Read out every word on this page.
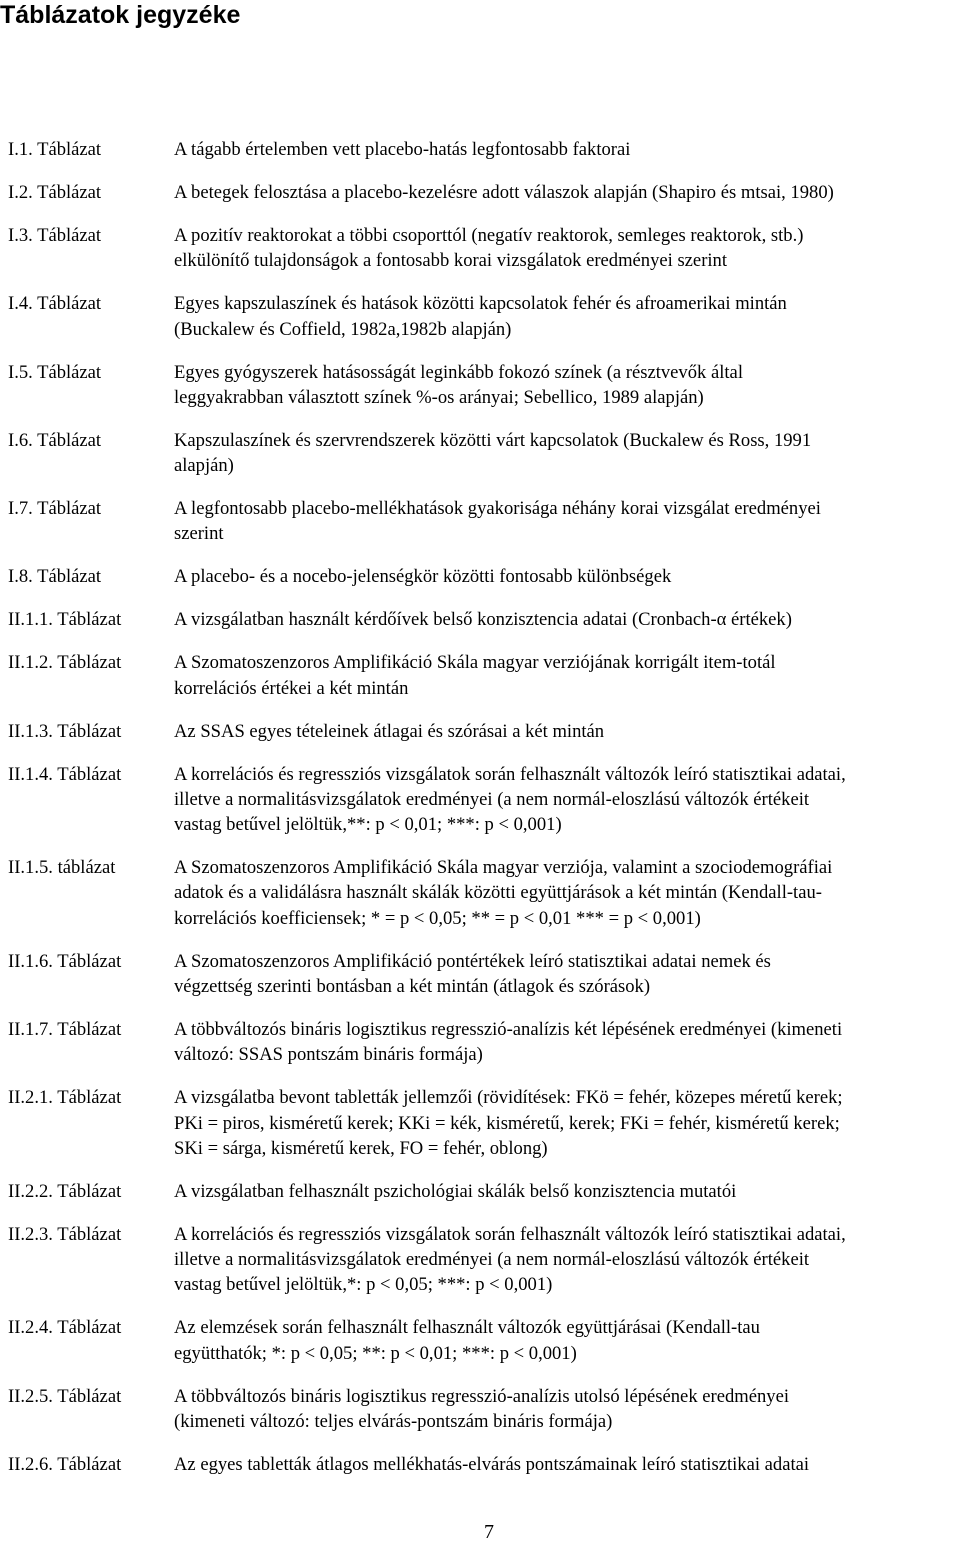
Táblázatok jegyzéke
I.1. Táblázat	A tágabb értelemben vett placebo-hatás legfontosabb faktorai
I.2. Táblázat	A betegek felosztása a placebo-kezelésre adott válaszok alapján (Shapiro és mtsai, 1980)
I.3. Táblázat	A pozitív reaktorokat a többi csoporttól (negatív reaktorok, semleges reaktorok, stb.)
elkülönítő tulajdonságok a fontosabb korai vizsgálatok eredményei szerint
I.4. Táblázat	Egyes kapszulaszínek és hatások közötti kapcsolatok fehér és afroamerikai mintán
(Buckalew és Coffield, 1982a,1982b alapján)
I.5. Táblázat	Egyes gyógyszerek hatásosságát leginkább fokozó színek (a résztvevők által
leggyakrabban választott színek %-os arányai; Sebellico, 1989 alapján)
I.6. Táblázat	Kapszulaszínek és szervrendszerek közötti várt kapcsolatok (Buckalew és Ross, 1991
alapján)
I.7. Táblázat	A legfontosabb placebo-mellékhatások gyakorisága néhány korai vizsgálat eredményei
szerint
I.8. Táblázat	A placebo- és a nocebo-jelenségkör közötti fontosabb különbségek
II.1.1. Táblázat	A vizsgálatban használt kérdőívek belső konzisztencia adatai (Cronbach-α értékek)
II.1.2. Táblázat	A Szomatoszenzoros Amplifikáció Skála magyar verziójának korrigált item-totál
korrelációs értékei a két mintán
II.1.3. Táblázat	Az SSAS egyes tételeinek átlagai és szórásai a két mintán
II.1.4. Táblázat	A korrelációs és regressziós vizsgálatok során felhasznált változók leíró statisztikai adatai,
illetve a normalitásvizsgálatok eredményei (a nem normál-eloszlású változók értékeit
vastag betűvel jelöltük,**: p < 0,01; ***: p < 0,001)
II.1.5. táblázat	A Szomatoszenzoros Amplifikáció Skála magyar verziója, valamint a szociodemográfiai
adatok és a validálásra használt skálák közötti együttjárások a két mintán (Kendall-tau-
korrelációs koefficiensek; * = p < 0,05; ** = p < 0,01 *** = p < 0,001)
II.1.6. Táblázat	A Szomatoszenzoros Amplifikáció pontértékek leíró statisztikai adatai nemek és
végzettség szerinti bontásban a két mintán (átlagok és szórások)
II.1.7. Táblázat	A többváltozós bináris logisztikus regresszió-analízis két lépésének eredményei (kimeneti
változó: SSAS pontszám bináris formája)
II.2.1. Táblázat	A vizsgálatba bevont tabletták jellemzői (rövidítések: FKö = fehér, közepes méretű kerek;
PKi = piros, kisméretű kerek; KKi = kék, kisméretű, kerek; FKi = fehér, kisméretű kerek;
SKi = sárga, kisméretű kerek, FO = fehér, oblong)
II.2.2. Táblázat	A vizsgálatban felhasznált pszichológiai skálák belső konzisztencia mutatói
II.2.3. Táblázat	A korrelációs és regressziós vizsgálatok során felhasznált változók leíró statisztikai adatai,
illetve a normalitásvizsgálatok eredményei (a nem normál-eloszlású változók értékeit
vastag betűvel jelöltük,*: p < 0,05; ***: p < 0,001)
II.2.4. Táblázat	Az elemzések során felhasznált felhasznált változók együttjárásai (Kendall-tau
együtthatók; *: p < 0,05; **: p < 0,01; ***: p < 0,001)
II.2.5. Táblázat	A többváltozós bináris logisztikus regresszió-analízis utolsó lépésének eredményei
(kimeneti változó: teljes elvárás-pontszám bináris formája)
II.2.6. Táblázat	Az egyes tabletták átlagos mellékhatás-elvárás pontszámainak leíró statisztikai adatai
7
